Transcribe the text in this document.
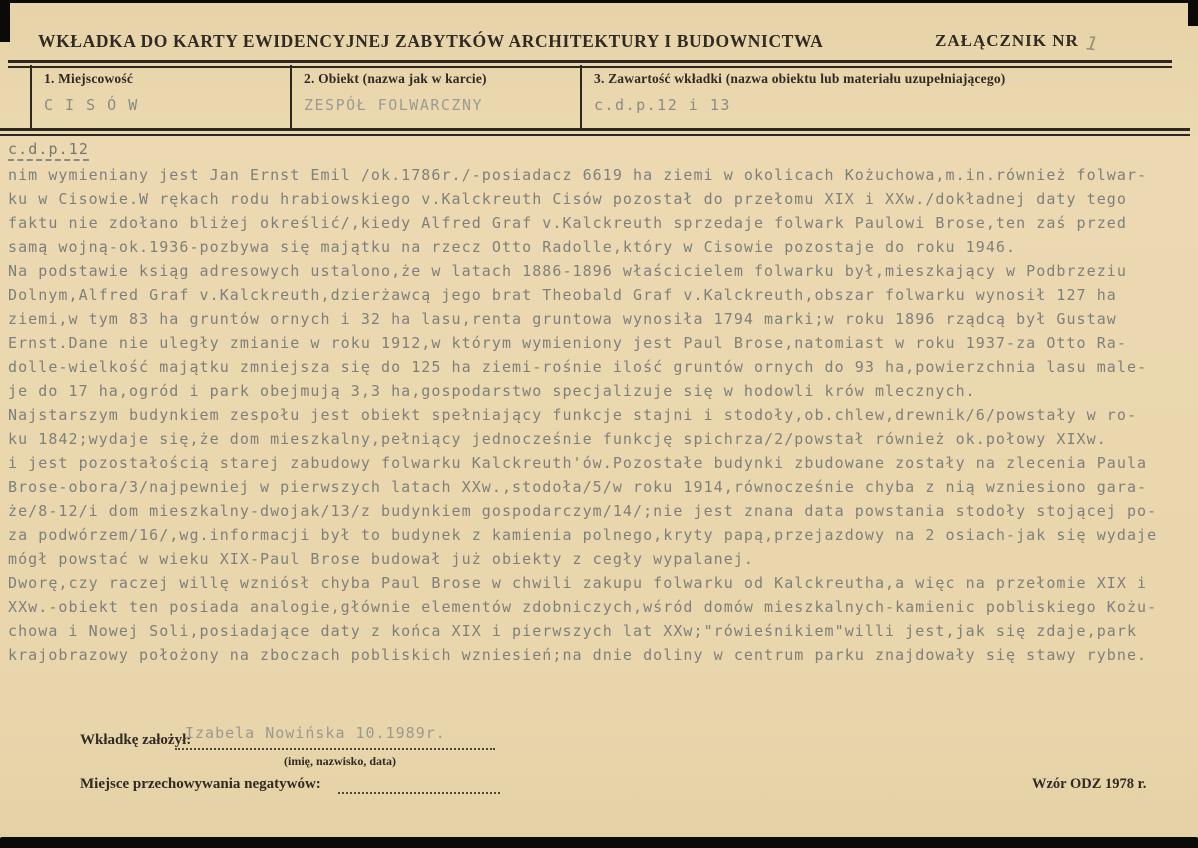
WKŁADKA DO KARTY EWIDENCYJNEJ ZABYTKÓW ARCHITEKTURY I BUDOWNICTWA	ZAŁĄCZNIK NR 1
1. Miejscowość
C I S Ó W
2. Obiekt (nazwa jak w karcie)
ZESPÓŁ FOLWARCZNY
3. Zawartość wkładki (nazwa obiektu lub materiału uzupełniającego)
c.d.p.12 i 13
c.d.p.12
nim wymieniany jest Jan Ernst Emil /ok.1786r./-posiadacz 6619 ha ziemi w okolicach Kożuchowa,m.in.również folwar-
ku w Cisowie.W rękach rodu hrabiowskiego v.Kalckreuth Cisów pozostał do przełomu XIX i XXw./dokładnej daty tego
faktu nie zdołano bliżej określić/,kiedy Alfred Graf v.Kalckreuth sprzedaje folwark Paulowi Brose,ten zaś przed
samą wojną-ok.1936-pozbywa się majątku na rzecz Otto Radolle,który w Cisowie pozostaje do roku 1946.
Na podstawie ksiąg adresowych ustalono,że w latach 1886-1896 właścicielem folwarku był,mieszkający w Podbrzeziu
Dolnym,Alfred Graf v.Kalckreuth,dzierżawcą jego brat Theobald Graf v.Kalckreuth,obszar folwarku wynosił 127 ha
ziemi,w tym 83 ha gruntów ornych i 32 ha lasu,renta gruntowa wynosiła 1794 marki;w roku 1896 rządcą był Gustaw
Ernst.Dane nie uległy zmianie w roku 1912,w którym wymieniony jest Paul Brose,natomiast w roku 1937-za Otto Ra-
dolle-wielkość majątku zmniejsza się do 125 ha ziemi-rośnie ilość gruntów ornych do 93 ha,powierzchnia lasu male-
je do 17 ha,ogród i park obejmują 3,3 ha,gospodarstwo specjalizuje się w hodowli krów mlecznych.
Najstarszym budynkiem zespołu jest obiekt spełniający funkcje stajni i stodoły,ob.chlew,drewnik/6/powstały w ro-
ku 1842;wydaje się,że dom mieszkalny,pełniący jednocześnie funkcję spichrza/2/powstał również ok.połowy XIXw.
i jest pozostałością starej zabudowy folwarku Kalckreuth'ów.Pozostałe budynki zbudowane zostały na zlecenia Paula
Brose-obora/3/najpewniej w pierwszych latach XXw.,stodoła/5/w roku 1914,równocześnie chyba z nią wzniesiono gara-
że/8-12/i dom mieszkalny-dwojak/13/z budynkiem gospodarczym/14/;nie jest znana data powstania stodoły stojącej po-
za podwórzem/16/,wg.informacji był to budynek z kamienia polnego,kryty papą,przejazdowy na 2 osiach-jak się wydaje
mógł powstać w wieku XIX-Paul Brose budował już obiekty z cegły wypalanej.
Dworę,czy raczej willę wzniósł chyba Paul Brose w chwili zakupu folwarku od Kalckreutha,a więc na przełomie XIX i
XXw.-obiekt ten posiada analogie,głównie elementów zdobniczych,wśród domów mieszkalnych-kamienic pobliskiego Kożu-
chowa i Nowej Soli,posiadające daty z końca XIX i pierwszych lat XXw;"rówieśnikiem"willi jest,jak się zdaje,park
krajobrazowy położony na zboczach pobliskich wzniesień;na dnie doliny w centrum parku znajdowały się stawy rybne.
Wkładkę założył:
Izabela Nowińska 10.1989r.
(imię, nazwisko, data)
Miejsce przechowywania negatywów:	Wzór ODZ 1978 r.
